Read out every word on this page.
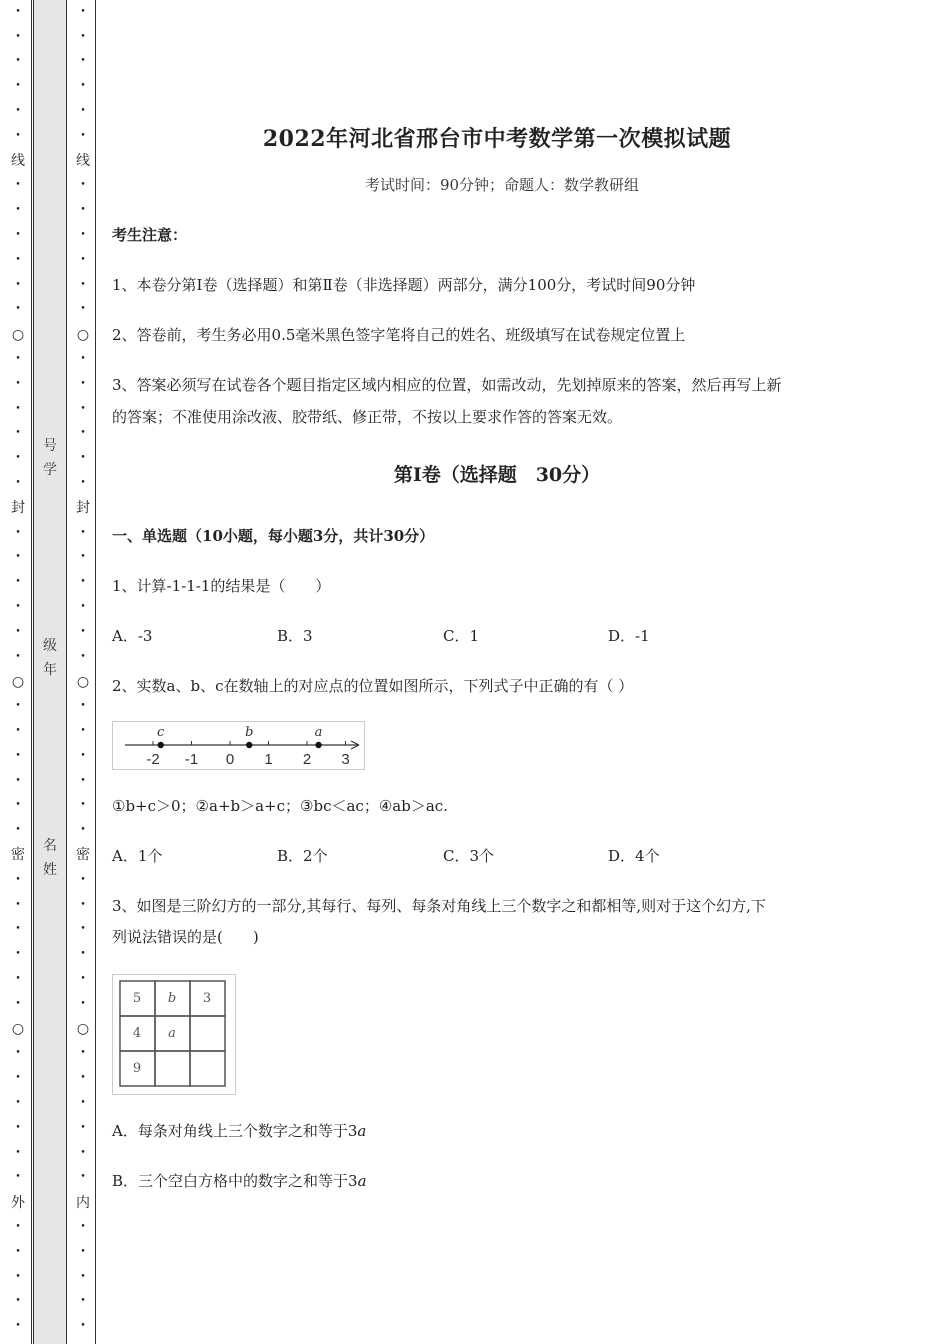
•
•
•
•
•
•
线
•
•
•
•
•
•
○
•
•
•
•
•
•
封
•
•
•
•
•
•
○
•
•
•
•
•
•
密
•
•
•
•
•
•
○
•
•
•
•
•
•
外
•
•
•
•
•
•
•
•
•
•
•
线
•
•
•
•
•
•
○
•
•
•
•
•
•
封
•
•
•
•
•
•
○
•
•
•
•
•
•
密
•
•
•
•
•
•
○
•
•
•
•
•
•
内
•
•
•
•
•
号
学
级
年
名
姓
2022年河北省邢台市中考数学第一次模拟试题
考试时间：90分钟；命题人：数学教研组
考生注意：
1、本卷分第I卷（选择题）和第Ⅱ卷（非选择题）两部分，满分100分，考试时间90分钟
2、答卷前，考生务必用0.5毫米黑色签字笔将自己的姓名、班级填写在试卷规定位置上
3、答案必须写在试卷各个题目指定区域内相应的位置，如需改动，先划掉原来的答案，然后再写上新
的答案；不准使用涂改液、胶带纸、修正带，不按以上要求作答的答案无效。
第I卷（选择题　30分）
一、单选题（10小题，每小题3分，共计30分）
1、计算-1-1-1的结果是（　　）
A．-3	B．3	C．1	D．-1
2、实数a、b、c在数轴上的对应点的位置如图所示，下列式子中正确的有（ ）
-2 -1 0 1 2 3
c	b	a
①b+c＞0；②a+b＞a+c；③bc＜ac；④ab＞ac.
A．1个	B．2个	C．3个	D．4个
3、如图是三阶幻方的一部分,其每行、每列、每条对角线上三个数字之和都相等,则对于这个幻方,下
列说法错误的是(　　)
5 b 3
4 a
9
A．每条对角线上三个数字之和等于3a
B．三个空白方格中的数字之和等于3a
